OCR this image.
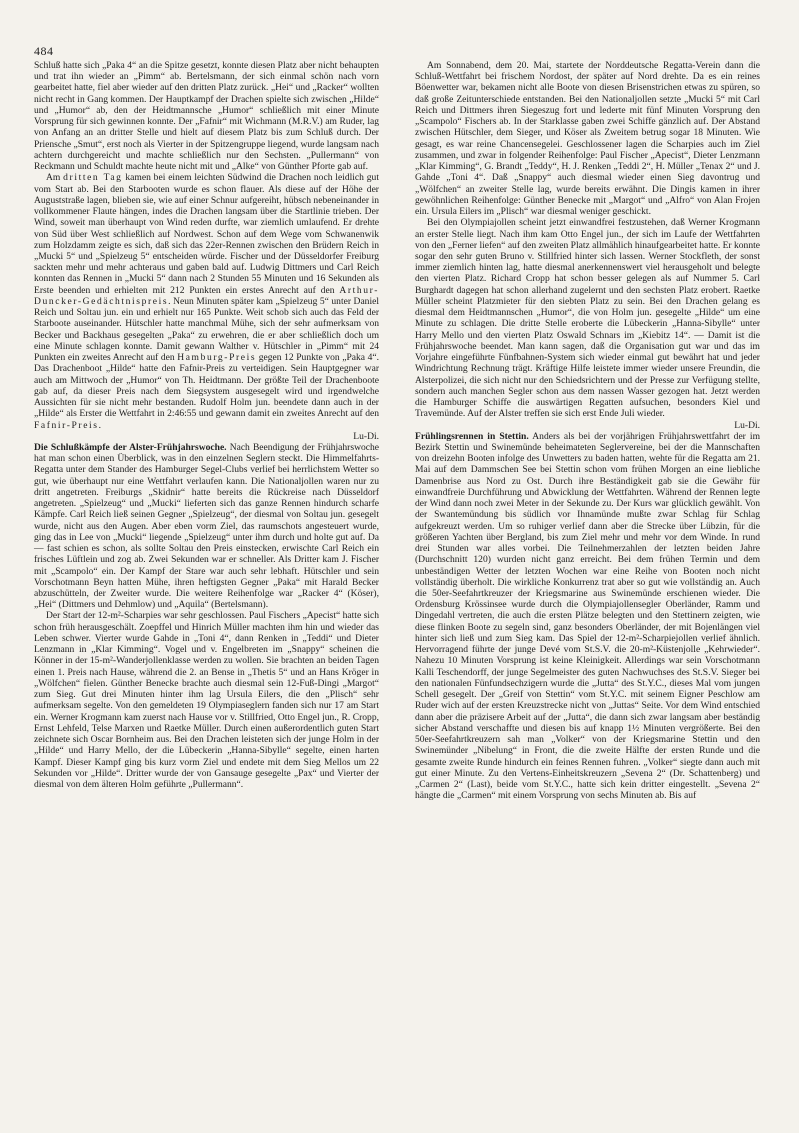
484

Schluß hatte sich „Paka 4“ an die Spitze gesetzt, konnte diesen Platz aber nicht behaupten und trat ihn wieder an „Pimm“ ab. Bertelsmann, der sich einmal schön nach vorn gearbeitet hatte, fiel aber wieder auf den dritten Platz zurück. „Hei“ und „Racker“ wollten nicht recht in Gang kommen. Der Hauptkampf der Drachen spielte sich zwischen „Hilde“ und „Humor“ ab, den der Heidtmannsche „Humor“ schließlich mit einer Minute Vorsprung für sich gewinnen konnte. Der „Fafnir“ mit Wichmann (M.R.V.) am Ruder, lag von Anfang an an dritter Stelle und hielt auf diesem Platz bis zum Schluß durch. Der Priensche „Smut“, erst noch als Vierter in der Spitzengruppe liegend, wurde langsam nach achtern durchgereicht und machte schließlich nur den Sechsten. „Pullermann“ von Reckmann und Schuldt machte heute nicht mit und „Alke“ von Günther Pforte gab auf.

Am dritten Tag kamen bei einem leichten Südwind die Drachen noch leidlich gut vom Start ab. Bei den Starbooten wurde es schon flauer. Als diese auf der Höhe der Auguststraße lagen, blieben sie, wie auf einer Schnur aufgereiht, hübsch nebeneinander in vollkommener Flaute hängen, indes die Drachen langsam über die Startlinie trieben. Der Wind, soweit man überhaupt von Wind reden durfte, war ziemlich umlaufend. Er drehte von Süd über West schließlich auf Nordwest. Schon auf dem Wege vom Schwanenwik zum Holzdamm zeigte es sich, daß sich das 22er-Rennen zwischen den Brüdern Reich in „Mucki 5“ und „Spielzeug 5“ entscheiden würde. Fischer und der Düsseldorfer Freiburg sackten mehr und mehr achteraus und gaben bald auf. Ludwig Dittmers und Carl Reich konnten das Rennen in „Mucki 5“ dann nach 2 Stunden 55 Minuten und 16 Sekunden als Erste beenden und erhielten mit 212 Punkten ein erstes Anrecht auf den Arthur-Duncker-Gedächtnispreis. Neun Minuten später kam „Spielzeug 5“ unter Daniel Reich und Soltau jun. ein und erhielt nur 165 Punkte. Weit schob sich auch das Feld der Starboote auseinander. Hütschler hatte manchmal Mühe, sich der sehr aufmerksam von Becker und Backhaus gesegelten „Paka“ zu erwehren, die er aber schließlich doch um eine Minute schlagen konnte. Damit gewann Walther v. Hütschler in „Pimm“ mit 24 Punkten ein zweites Anrecht auf den Hamburg-Preis gegen 12 Punkte von „Paka 4“. Das Drachenboot „Hilde“ hatte den Fafnir-Preis zu verteidigen. Sein Hauptgegner war auch am Mittwoch der „Humor“ von Th. Heidtmann. Der größte Teil der Drachenboote gab auf, da dieser Preis nach dem Siegsystem ausgesegelt wird und irgendwelche Aussichten für sie nicht mehr bestanden. Rudolf Holm jun. beendete dann auch in der „Hilde“ als Erster die Wettfahrt in 2:46:55 und gewann damit ein zweites Anrecht auf den Fafnir-Preis.

Lu-Di.

Die Schlußkämpfe der Alster-Frühjahrswoche. Nach Beendigung der Frühjahrswoche hat man schon einen Überblick, was in den einzelnen Seglern steckt. Die Himmelfahrts-Regatta unter dem Stander des Hamburger Segel-Clubs verlief bei herrlichstem Wetter so gut, wie überhaupt nur eine Wettfahrt verlaufen kann. Die Nationaljollen waren nur zu dritt angetreten. Freiburgs „Skidnir“ hatte bereits die Rückreise nach Düsseldorf angetreten. „Spielzeug“ und „Mucki“ lieferten sich das ganze Rennen hindurch scharfe Kämpfe. Carl Reich ließ seinen Gegner „Spielzeug“, der diesmal von Soltau jun. gesegelt wurde, nicht aus den Augen. Aber eben vorm Ziel, das raumschots angesteuert wurde, ging das in Lee von „Mucki“ liegende „Spielzeug“ unter ihm durch und holte gut auf. Da — fast schien es schon, als sollte Soltau den Preis einstecken, erwischte Carl Reich ein frisches Lüftlein und zog ab. Zwei Sekunden war er schneller. Als Dritter kam J. Fischer mit „Scampolo“ ein. Der Kampf der Stare war auch sehr lebhaft. Hütschler und sein Vorschotmann Beyn hatten Mühe, ihren heftigsten Gegner „Paka“ mit Harald Becker abzuschütteln, der Zweiter wurde. Die weitere Reihenfolge war „Racker 4“ (Köser), „Hei“ (Dittmers und Dehmlow) und „Aquila“ (Bertelsmann).

Der Start der 12-m²-Scharpies war sehr geschlossen. Paul Fischers „Apecist“ hatte sich schon früh herausgeschält. Zoepffel und Hinrich Müller machten ihm hin und wieder das Leben schwer. Vierter wurde Gahde in „Toni 4“, dann Renken in „Teddi“ und Dieter Lenzmann in „Klar Kimming“. Vogel und v. Engelbreten im „Snappy“ scheinen die Könner in der 15-m²-Wanderjollenklasse werden zu wollen. Sie brachten an beiden Tagen einen 1. Preis nach Hause, während die 2. an Bense in „Thetis 5“ und an Hans Kröger in „Wölfchen“ fielen. Günther Benecke brachte auch diesmal sein 12-Fuß-Dingi „Margot“ zum Sieg. Gut drei Minuten hinter ihm lag Ursula Eilers, die den „Plisch“ sehr aufmerksam segelte. Von den gemeldeten 19 Olympiaseglern fanden sich nur 17 am Start ein. Werner Krogmann kam zuerst nach Hause vor v. Stillfried, Otto Engel jun., R. Cropp, Ernst Lehfeld, Telse Marxen und Raetke Müller. Durch einen außerordentlich guten Start zeichnete sich Oscar Bornheim aus. Bei den Drachen leisteten sich der junge Holm in der „Hilde“ und Harry Mello, der die Lübeckerin „Hanna-Sibylle“ segelte, einen harten Kampf. Dieser Kampf ging bis kurz vorm Ziel und endete mit dem Sieg Mellos um 22 Sekunden vor „Hilde“. Dritter wurde der von Gansauge gesegelte „Pax“ und Vierter der diesmal von dem älteren Holm geführte „Pullermann“.

Am Sonnabend, dem 20. Mai, startete der Norddeutsche Regatta-Verein dann die Schluß-Wettfahrt bei frischem Nordost, der später auf Nord drehte. Da es ein reines Böenwetter war, bekamen nicht alle Boote von diesen Brisenstrichen etwas zu spüren, so daß große Zeitunterschiede entstanden. Bei den Nationaljollen setzte „Mucki 5“ mit Carl Reich und Dittmers ihren Siegeszug fort und lederte mit fünf Minuten Vorsprung den „Scampolo“ Fischers ab. In der Starklasse gaben zwei Schiffe gänzlich auf. Der Abstand zwischen Hütschler, dem Sieger, und Köser als Zweitem betrug sogar 18 Minuten. Wie gesagt, es war reine Chancensegelei. Geschlossener lagen die Scharpies auch im Ziel zusammen, und zwar in folgender Reihenfolge: Paul Fischer „Apecist“, Dieter Lenzmann „Klar Kimming“, G. Brandt „Teddy“, H. J. Renken „Teddi 2“, H. Müller „Tenax 2“ und J. Gahde „Toni 4“. Daß „Snappy“ auch diesmal wieder einen Sieg davontrug und „Wölfchen“ an zweiter Stelle lag, wurde bereits erwähnt. Die Dingis kamen in ihrer gewöhnlichen Reihenfolge: Günther Benecke mit „Margot“ und „Alfro“ von Alan Frojen ein. Ursula Eilers im „Plisch“ war diesmal weniger geschickt.

Bei den Olympiajollen scheint jetzt einwandfrei festzustehen, daß Werner Krogmann an erster Stelle liegt. Nach ihm kam Otto Engel jun., der sich im Laufe der Wettfahrten von den „Ferner liefen“ auf den zweiten Platz allmählich hinaufgearbeitet hatte. Er konnte sogar den sehr guten Bruno v. Stillfried hinter sich lassen. Werner Stockfleth, der sonst immer ziemlich hinten lag, hatte diesmal anerkennenswert viel herausgeholt und belegte den vierten Platz. Richard Cropp hat schon besser gelegen als auf Nummer 5. Carl Burghardt dagegen hat schon allerhand zugelernt und den sechsten Platz erobert. Raetke Müller scheint Platzmieter für den siebten Platz zu sein. Bei den Drachen gelang es diesmal dem Heidtmannschen „Humor“, die von Holm jun. gesegelte „Hilde“ um eine Minute zu schlagen. Die dritte Stelle eroberte die Lübeckerin „Hanna-Sibylle“ unter Harry Mello und den vierten Platz Oswald Schnars im „Kiebitz 14“. — Damit ist die Frühjahrswoche beendet. Man kann sagen, daß die Organisation gut war und das im Vorjahre eingeführte Fünfbahnen-System sich wieder einmal gut bewährt hat und jeder Windrichtung Rechnung trägt. Kräftige Hilfe leistete immer wieder unsere Freundin, die Alsterpolizei, die sich nicht nur den Schiedsrichtern und der Presse zur Verfügung stellte, sondern auch manchen Segler schon aus dem nassen Wasser gezogen hat. Jetzt werden die Hamburger Schiffe die auswärtigen Regatten aufsuchen, besonders Kiel und Travemünde. Auf der Alster treffen sie sich erst Ende Juli wieder.

Lu-Di.

Frühlingsrennen in Stettin. Anders als bei der vorjährigen Frühjahrswettfahrt der im Bezirk Stettin und Swinemünde beheimateten Seglervereine, bei der die Mannschaften von dreizehn Booten infolge des Unwetters zu baden hatten, wehte für die Regatta am 21. Mai auf dem Dammschen See bei Stettin schon vom frühen Morgen an eine liebliche Damenbrise aus Nord zu Ost. Durch ihre Beständigkeit gab sie die Gewähr für einwandfreie Durchführung und Abwicklung der Wettfahrten. Während der Rennen legte der Wind dann noch zwei Meter in der Sekunde zu. Der Kurs war glücklich gewählt. Von der Swantemündung bis südlich vor Ihnamünde mußte zwar Schlag für Schlag aufgekreuzt werden. Um so ruhiger verlief dann aber die Strecke über Lübzin, für die größeren Yachten über Bergland, bis zum Ziel mehr und mehr vor dem Winde. In rund drei Stunden war alles vorbei. Die Teilnehmerzahlen der letzten beiden Jahre (Durchschnitt 120) wurden nicht ganz erreicht. Bei dem frühen Termin und dem unbeständigen Wetter der letzten Wochen war eine Reihe von Booten noch nicht vollständig überholt. Die wirkliche Konkurrenz trat aber so gut wie vollständig an. Auch die 50er-Seefahrtkreuzer der Kriegsmarine aus Swinemünde erschienen wieder. Die Ordensburg Krössinsee wurde durch die Olympiajollensegler Oberländer, Ramm und Dingedahl vertreten, die auch die ersten Plätze belegten und den Stettinern zeigten, wie diese flinken Boote zu segeln sind, ganz besonders Oberländer, der mit Bojenlängen viel hinter sich ließ und zum Sieg kam. Das Spiel der 12-m²-Scharpiejollen verlief ähnlich. Hervorragend führte der junge Devé vom St.S.V. die 20-m²-Küstenjolle „Kehrwieder“. Nahezu 10 Minuten Vorsprung ist keine Kleinigkeit. Allerdings war sein Vorschotmann Kalli Teschendorff, der junge Segelmeister des guten Nachwuchses des St.S.V. Sieger bei den nationalen Fünfundsechzigern wurde die „Jutta“ des St.Y.C., dieses Mal vom jungen Schell gesegelt. Der „Greif von Stettin“ vom St.Y.C. mit seinem Eigner Peschlow am Ruder wich auf der ersten Kreuzstrecke nicht von „Juttas“ Seite. Vor dem Wind entschied dann aber die präzisere Arbeit auf der „Jutta“, die dann sich zwar langsam aber beständig sicher Abstand verschaffte und diesen bis auf knapp 1½ Minuten vergrößerte. Bei den 50er-Seefahrtkreuzern sah man „Volker“ von der Kriegsmarine Stettin und den Swinemünder „Nibelung“ in Front, die die zweite Hälfte der ersten Runde und die gesamte zweite Runde hindurch ein feines Rennen fuhren. „Volker“ siegte dann auch mit gut einer Minute. Zu den Vertens-Einheitskreuzern „Sevena 2“ (Dr. Schattenberg) und „Carmen 2“ (Last), beide vom St.Y.C., hatte sich kein dritter eingestellt. „Sevena 2“ hängte die „Carmen“ mit einem Vorsprung von sechs Minuten ab. Bis auf
